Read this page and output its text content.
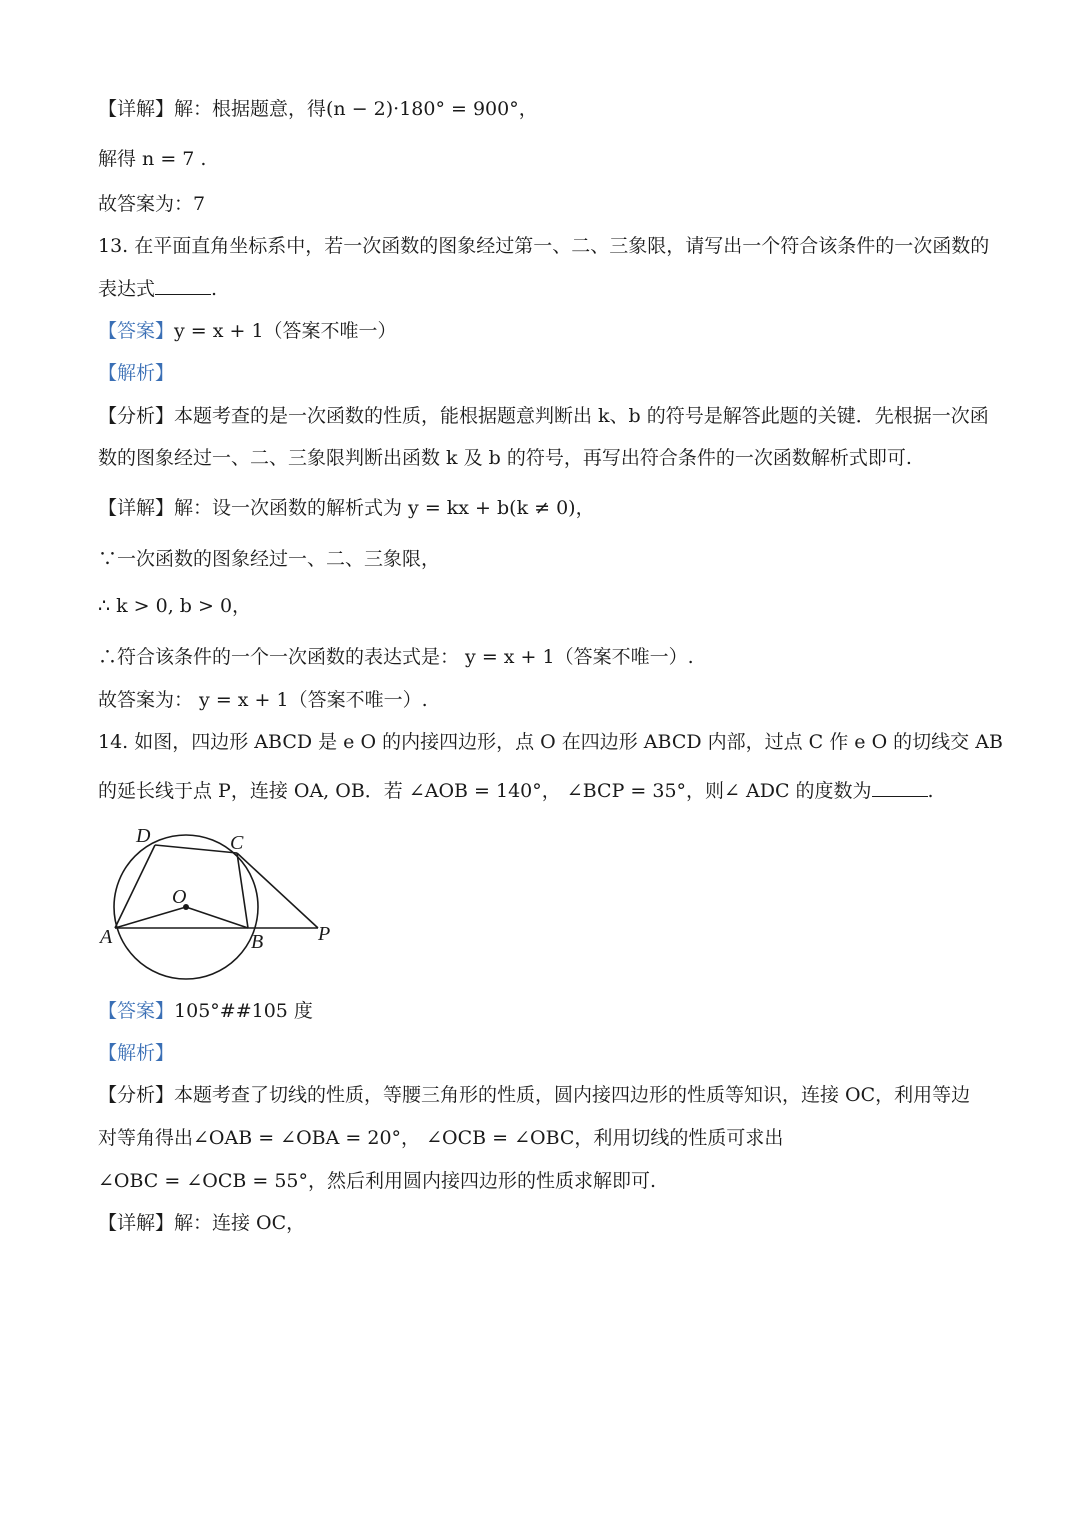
【详解】解：根据题意，得(n − 2)·180° = 900°，
解得 n = 7 .
故答案为：7
13. 在平面直角坐标系中，若一次函数的图象经过第一、二、三象限，请写出一个符合该条件的一次函数的
表达式	.
【答案】y = x + 1（答案不唯一）
【解析】
【分析】本题考查的是一次函数的性质，能根据题意判断出 k、b 的符号是解答此题的关键．先根据一次函
数的图象经过一、二、三象限判断出函数 k 及 b 的符号，再写出符合条件的一次函数解析式即可.
【详解】解：设一次函数的解析式为 y = kx + b(k ≠ 0)，
∵一次函数的图象经过一、二、三象限，
∴ k > 0, b > 0，
∴符合该条件的一个一次函数的表达式是： y = x + 1（答案不唯一）.
故答案为： y = x + 1（答案不唯一）.
14. 如图，四边形 ABCD 是 e O 的内接四边形，点 O 在四边形 ABCD 内部，过点 C 作 e O 的切线交 AB
的延长线于点 P，连接 OA, OB．若 ∠AOB = 140°， ∠BCP = 35°，则∠ ADC 的度数为	.
D	C
O
A	B	P
【答案】105°##105 度
【解析】
【分析】本题考查了切线的性质，等腰三角形的性质，圆内接四边形的性质等知识，连接 OC，利用等边
对等角得出∠OAB = ∠OBA = 20°， ∠OCB = ∠OBC，利用切线的性质可求出
∠OBC = ∠OCB = 55°，然后利用圆内接四边形的性质求解即可.
【详解】解：连接 OC，
